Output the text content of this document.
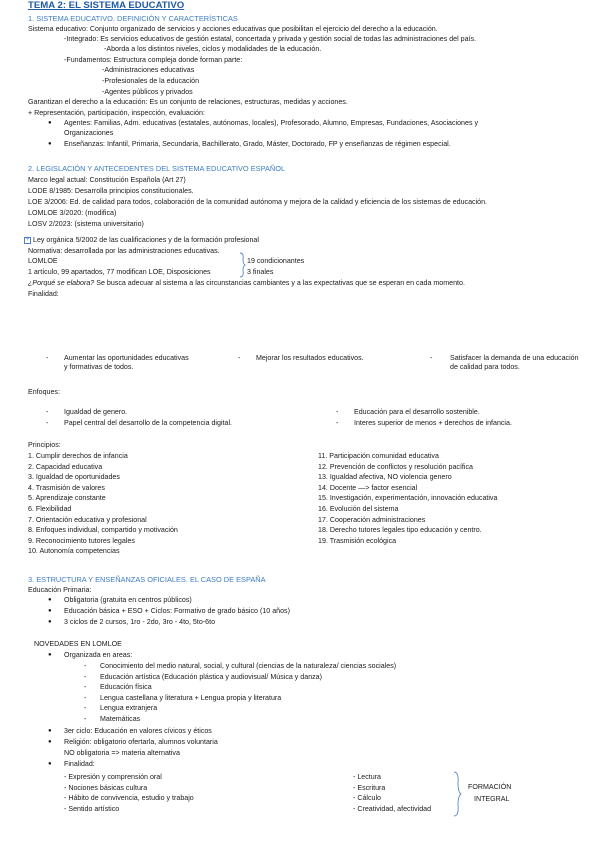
TEMA 2: EL SISTEMA EDUCATIVO
1. SISTEMA EDUCATIVO. DEFINICIÓN Y CARACTERÍSTICAS
Sistema educativo: Conjunto organizado de servicios y acciones educativas que posibilitan el ejercicio del derecho a la educación.
-Integrado: Es servicios educativos de gestión estatal, concertada y privada y gestión social de todas las administraciones del país.
-Aborda a los distintos niveles, ciclos y modalidades de la educación.
-Fundamentos: Estructura compleja donde forman parte:
-Administraciones educativas
-Profesionales de la educación
-Agentes públicos y privados
Garantizan el derecho a la educación: Es un conjunto de relaciones, estructuras, medidas y acciones.
+ Representación, participación, inspección, evaluación:
● Agentes: Familias, Adm. educativas (estatales, autónomas, locales), Profesorado, Alumno, Empresas, Fundaciones, Asociaciones y
Organizaciones
● Enseñanzas: Infantil, Primaria, Secundaria, Bachillerato, Grado, Máster, Doctorado, FP y enseñanzas de régimen especial.
2. LEGISLACIÓN Y ANTECEDENTES DEL SISTEMA EDUCATIVO ESPAÑOL
Marco legal actual: Constitución Española (Art 27)
LODE 8/1985: Desarrolla principios constitucionales.
LOE 3/2006: Ed. de calidad para todos, colaboración de la comunidad autónoma y mejora de la calidad y eficiencia de los sistemas de educación.
LOMLOE 3/2020: (modifica)
LOSV 2/2023: (sistema universitario)
+ Ley orgánica 5/2002 de las cualificaciones y de la formación profesional
Normativa: desarrollada por las administraciones educativas.
LOMLOE
1 artículo, 99 apartados, 77 modifican LOE, Disposiciones
19 condicionantes
3 finales
¿Porqué se elabora? Se busca adecuar al sistema a las circunstancias cambiantes y a las expectativas que se esperan en cada momento.
Finalidad:
- Aumentar las oportunidades educativas y formativas de todos.
- Mejorar los resultados educativos.	- Satisfacer la demanda de una educación de calidad para todos.
Enfoques:
- Igualdad de genero.
- Papel central del desarrollo de la competencia digital.
- Educación para el desarrollo sostenible.
- Interes superior de menos + derechos de infancia.
Principios:
1. Cumplir derechos de infancia
2. Capacidad educativa
3. Igualdad de oportunidades
4. Trasmisión de valores
5. Aprendizaje constante
6. Flexibilidad
7. Orientación educativa y profesional
8. Enfoques individual, compartido y motivación
9. Reconocimiento tutores legales
10. Autonomía competencias
11. Participación comunidad educativa
12. Prevención de conflictos y resolución pacífica
13. Igualdad afectiva, NO violencia genero
14. Docente —> factor esencial
15. Investigación, experimentación, innovación educativa
16. Evolución del sistema
17. Cooperación administraciones
18. Derecho tutores legales tipo educación y centro.
19. Trasmisión ecológica
3. ESTRUCTURA Y ENSEÑANZAS OFICIALES. EL CASO DE ESPAÑA
Educación Primaria:
● Obligatoria (gratuita en centros públicos)
● Educación básica + ESO + Ciclos: Formativo de grado básico (10 años)
● 3 ciclos de 2 cursos, 1ro - 2do, 3ro - 4to, 5to-6to
NOVEDADES EN LOMLOE
● Organizada en areas:
- Conocimiento del medio natural, social, y cultural (ciencias de la naturaleza/ ciencias sociales)
- Educación artística (Educación plástica y audiovisual/ Música y danza)
- Educación física
- Lengua castellana y literatura + Lengua propia y literatura
- Lengua extranjera
- Matemáticas
● 3er ciclo: Educación en valores cívicos y éticos
● Religión: obligatorio ofertarla, alumnos voluntaria
NO obligatoria => materia alternativa
● Finalidad:
- Expresión y comprensión oral
- Nociones básicas cultura
- Hábito de convivencia, estudio y trabajo
- Sentido artístico
- Lectura
- Escritura
- Cálculo
- Creatividad, afectividad
FORMACIÓN
INTEGRAL
